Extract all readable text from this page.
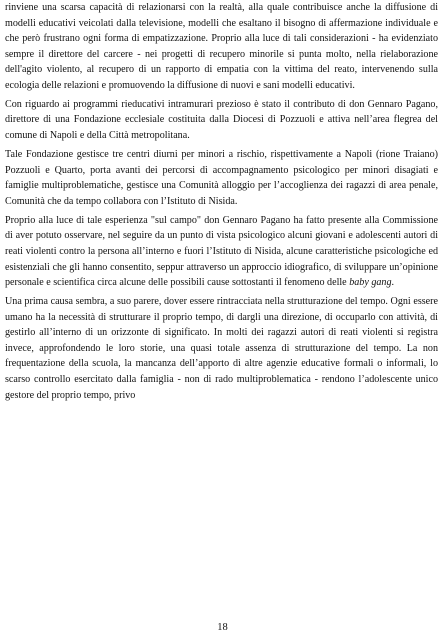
rinviene una scarsa capacità di relazionarsi con la realtà, alla quale contribuisce anche la diffusione di modelli educativi veicolati dalla televisione, modelli che esaltano il bisogno di affermazione individuale e che però frustrano ogni forma di empatizzazione. Proprio alla luce di tali considerazioni - ha evidenziato sempre il direttore del carcere - nei progetti di recupero minorile si punta molto, nella rielaborazione dell'agito violento, al recupero di un rapporto di empatia con la vittima del reato, intervenendo sulla ecologia delle relazioni e promuovendo la diffusione di nuovi e sani modelli educativi.

Con riguardo ai programmi rieducativi intramurari prezioso è stato il contributo di don Gennaro Pagano, direttore di una Fondazione ecclesiale costituita dalla Diocesi di Pozzuoli e attiva nell’area flegrea del comune di Napoli e della Città metropolitana.

Tale Fondazione gestisce tre centri diurni per minori a rischio, rispettivamente a Napoli (rione Traiano) Pozzuoli e Quarto, porta avanti dei percorsi di accompagnamento psicologico per minori disagiati e famiglie multiproblematiche, gestisce una Comunità alloggio per l’accoglienza dei ragazzi di area penale, Comunità che da tempo collabora con l’Istituto di Nisida.

Proprio alla luce di tale esperienza "sul campo" don Gennaro Pagano ha fatto presente alla Commissione di aver potuto osservare, nel seguire da un punto di vista psicologico alcuni giovani e adolescenti autori di reati violenti contro la persona all’interno e fuori l’Istituto di Nisida, alcune caratteristiche psicologiche ed esistenziali che gli hanno consentito, seppur attraverso un approccio idiografico, di sviluppare un’opinione personale e scientifica circa alcune delle possibili cause sottostanti il fenomeno delle baby gang.

Una prima causa sembra, a suo parere, dover essere rintracciata nella strutturazione del tempo. Ogni essere umano ha la necessità di strutturare il proprio tempo, di dargli una direzione, di occuparlo con attività, di gestirlo all’interno di un orizzonte di significato. In molti dei ragazzi autori di reati violenti si registra invece, approfondendo le loro storie, una quasi totale assenza di strutturazione del tempo. La non frequentazione della scuola, la mancanza dell’apporto di altre agenzie educative formali o informali, lo scarso controllo esercitato dalla famiglia - non di rado multiproblematica - rendono l’adolescente unico gestore del proprio tempo, privo

18
